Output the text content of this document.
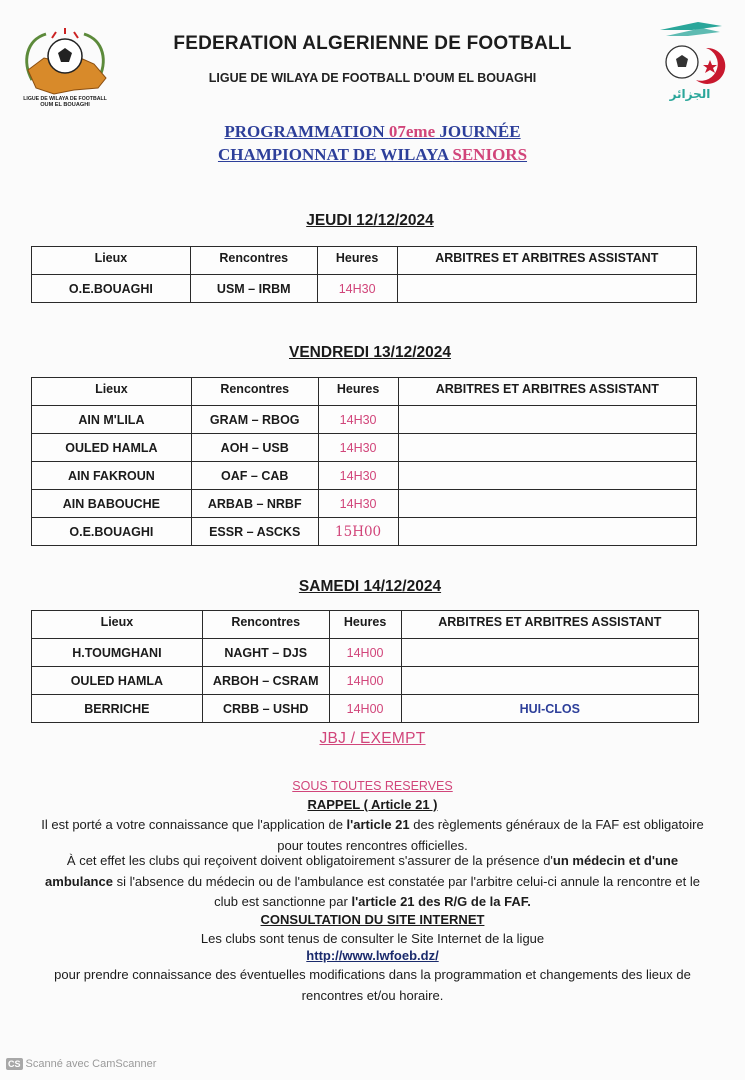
LIGUE DE WILAYA DE FOOTBALL
OUM EL BOUAGHI
الجزائر
FEDERATION ALGERIENNE DE FOOTBALL
LIGUE DE WILAYA DE FOOTBALL D'OUM EL BOUAGHI
PROGRAMMATION 07eme JOURNÉE
CHAMPIONNAT DE WILAYA SENIORS
JEUDI 12/12/2024
Lieux	Rencontres	Heures	ARBITRES ET ARBITRES ASSISTANT
O.E.BOUAGHI	USM – IRBM	14H30	
VENDREDI 13/12/2024
Lieux	Rencontres	Heures	ARBITRES ET ARBITRES ASSISTANT
AIN M'LILA	GRAM – RBOG	14H30	
OULED HAMLA	AOH – USB	14H30	
AIN FAKROUN	OAF – CAB	14H30	
AIN BABOUCHE	ARBAB – NRBF	14H30	
O.E.BOUAGHI	ESSR – ASCKS	15H00	
SAMEDI 14/12/2024
Lieux	Rencontres	Heures	ARBITRES ET ARBITRES ASSISTANT
H.TOUMGHANI	NAGHT – DJS	14H00	
OULED HAMLA	ARBOH – CSRAM	14H00	
BERRICHE	CRBB – USHD	14H00	HUI-CLOS
JBJ / EXEMPT
SOUS TOUTES RESERVES
RAPPEL ( Article 21 )
Il est porté a votre connaissance que l'application de l'article 21 des règlements généraux de la FAF est obligatoire pour toutes rencontres officielles.
À cet effet les clubs qui reçoivent doivent obligatoirement s'assurer de la présence d'un médecin et d'une ambulance si l'absence du médecin ou de l'ambulance est constatée par l'arbitre celui-ci annule la rencontre et le club est sanctionne par l'article 21 des R/G de la FAF.
CONSULTATION DU SITE INTERNET
Les clubs sont tenus de consulter le Site Internet de la ligue
http://www.lwfoeb.dz/
pour prendre connaissance des éventuelles modifications dans la programmation et changements des lieux de rencontres et/ou horaire.
CS Scanné avec CamScanner
